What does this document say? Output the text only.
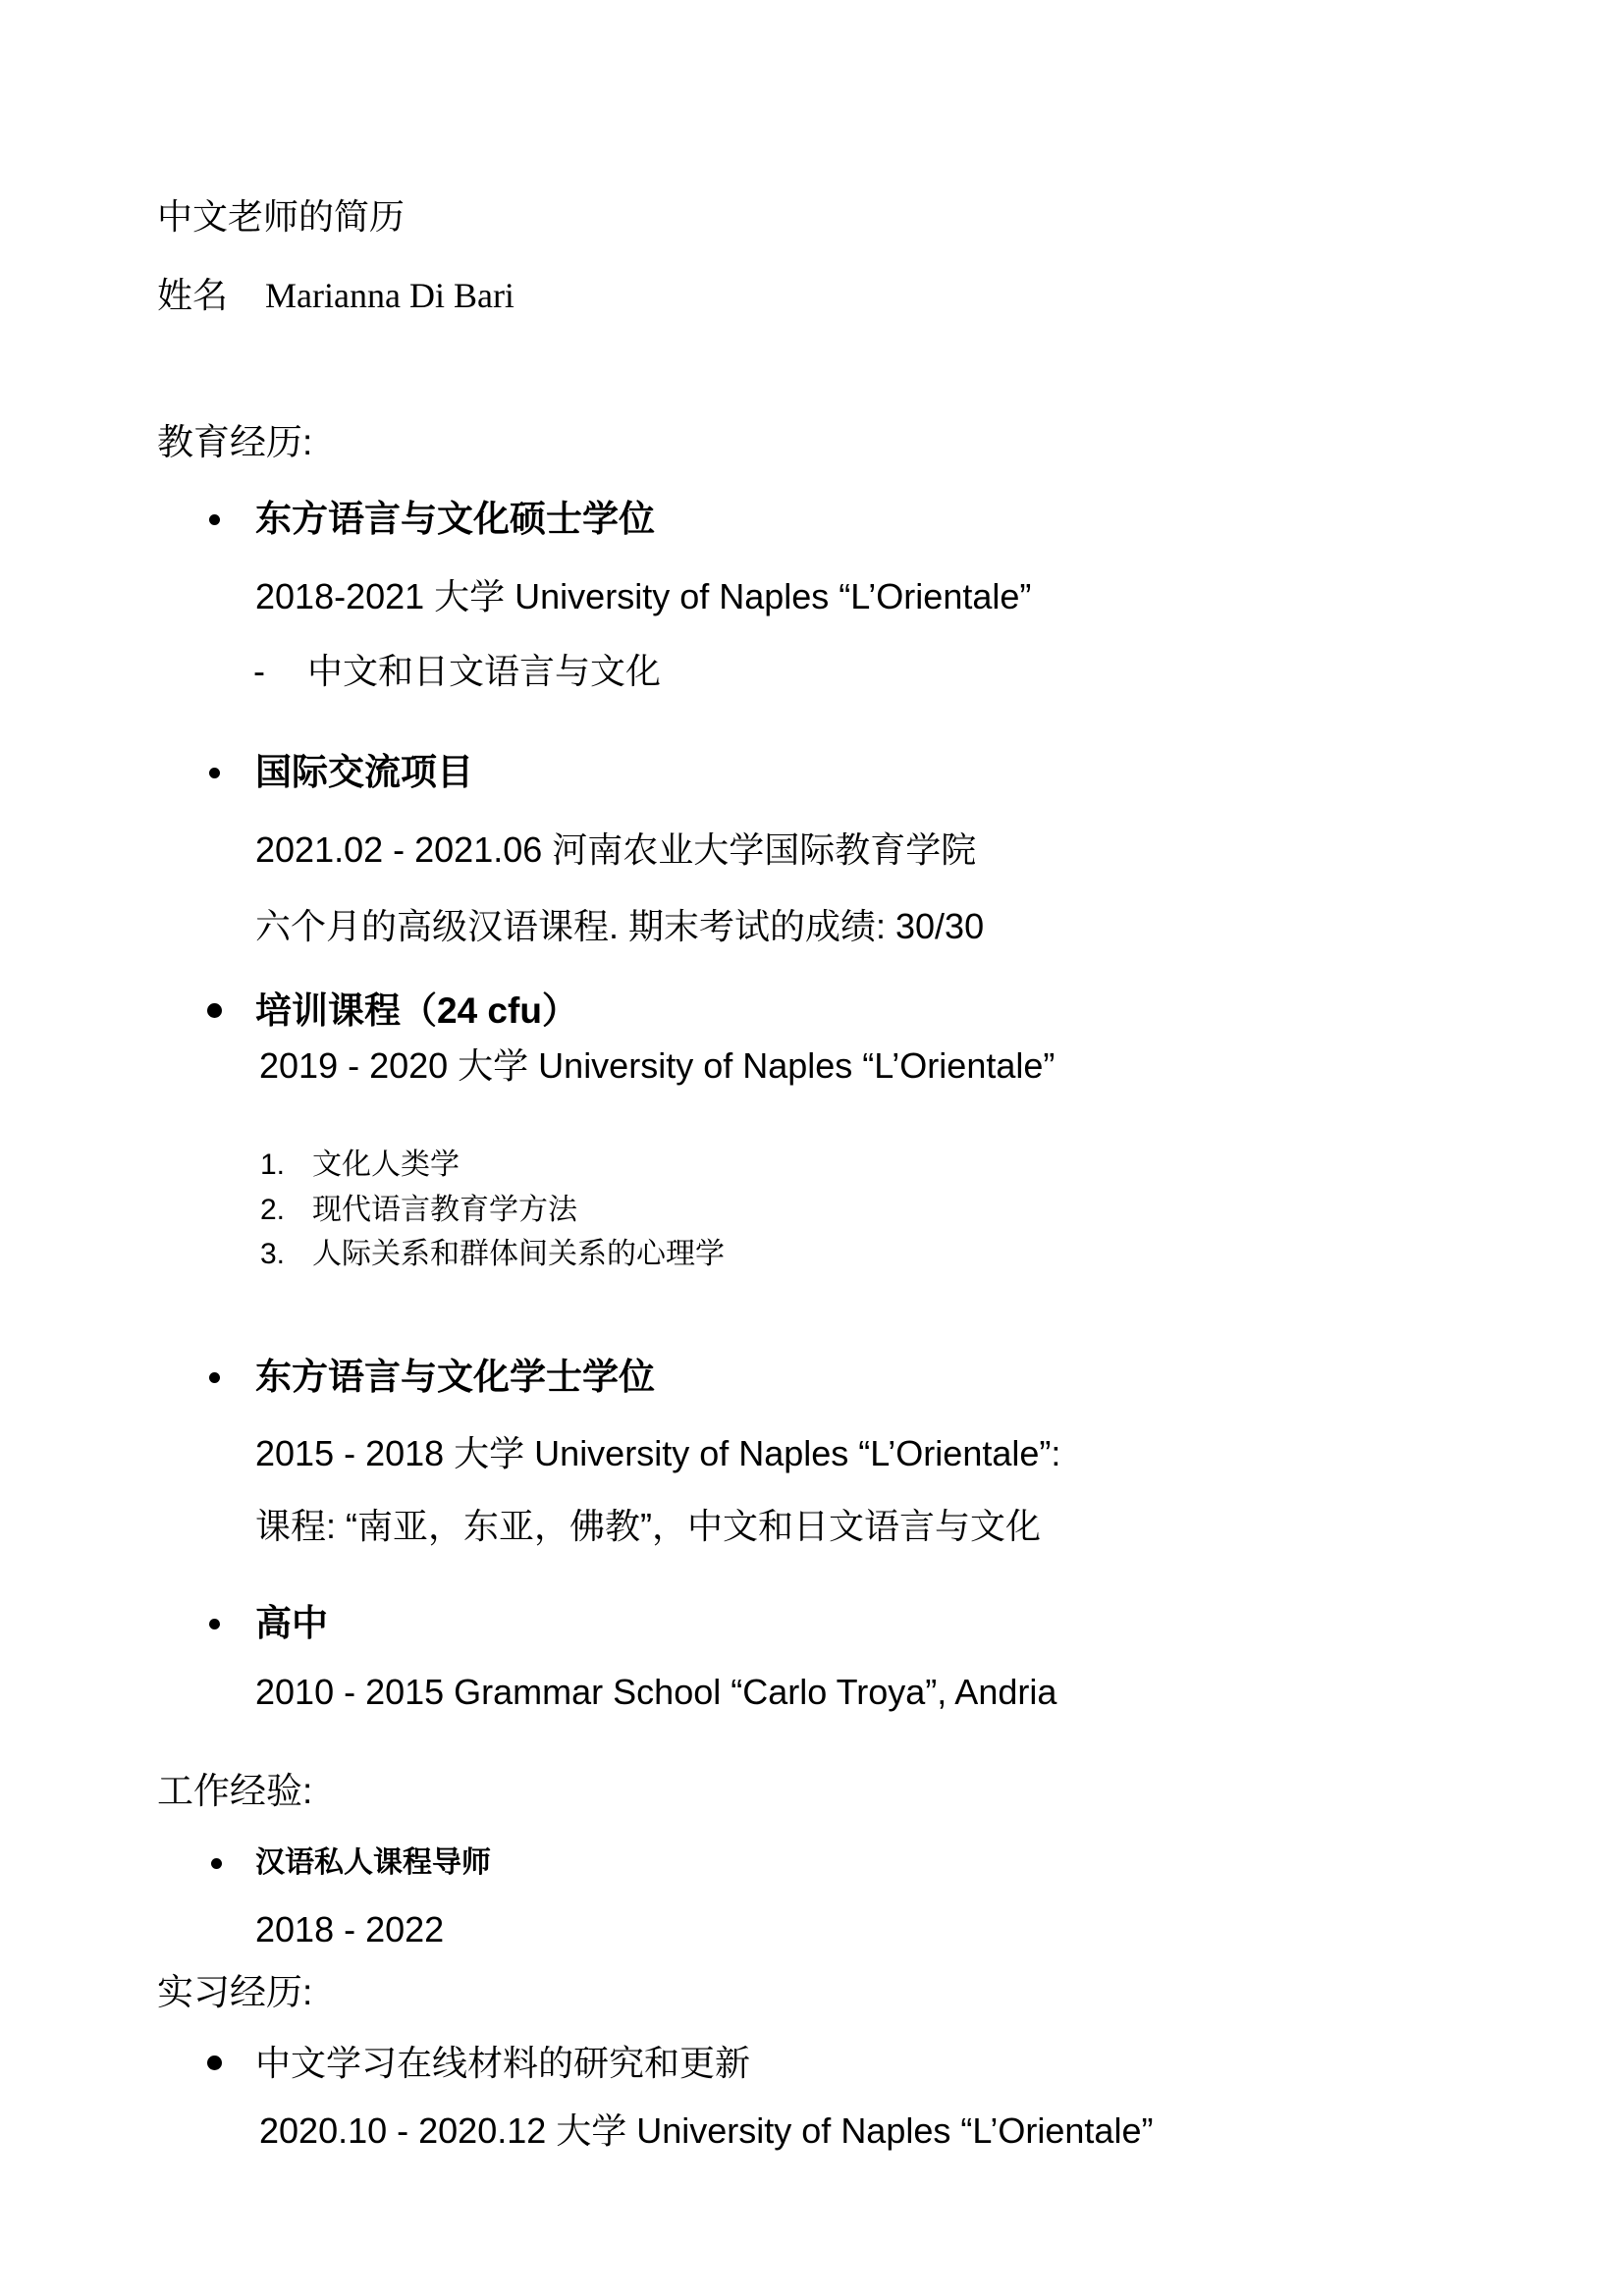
中文老师的简历
姓名 Marianna Di Bari
教育经历:
东方语言与文化硕士学位
2018-2021 大学 University of Naples “L’Orientale”
- 中文和日文语言与文化
国际交流项目
2021.02 - 2021.06 河南农业大学国际教育学院
六个月的高级汉语课程. 期末考试的成绩: 30/30
培训课程（24 cfu）
2019 - 2020 大学 University of Naples “L’Orientale”
1. 文化人类学
2. 现代语言教育学方法
3. 人际关系和群体间关系的心理学
东方语言与文化学士学位
2015 - 2018 大学 University of Naples “L’Orientale”:
课程: “南亚，东亚，佛教”，中文和日文语言与文化
高中
2010 - 2015 Grammar School “Carlo Troya”, Andria
工作经验:
汉语私人课程导师
2018 - 2022
实习经历:
中文学习在线材料的研究和更新
2020.10 - 2020.12 大学 University of Naples “L’Orientale”
